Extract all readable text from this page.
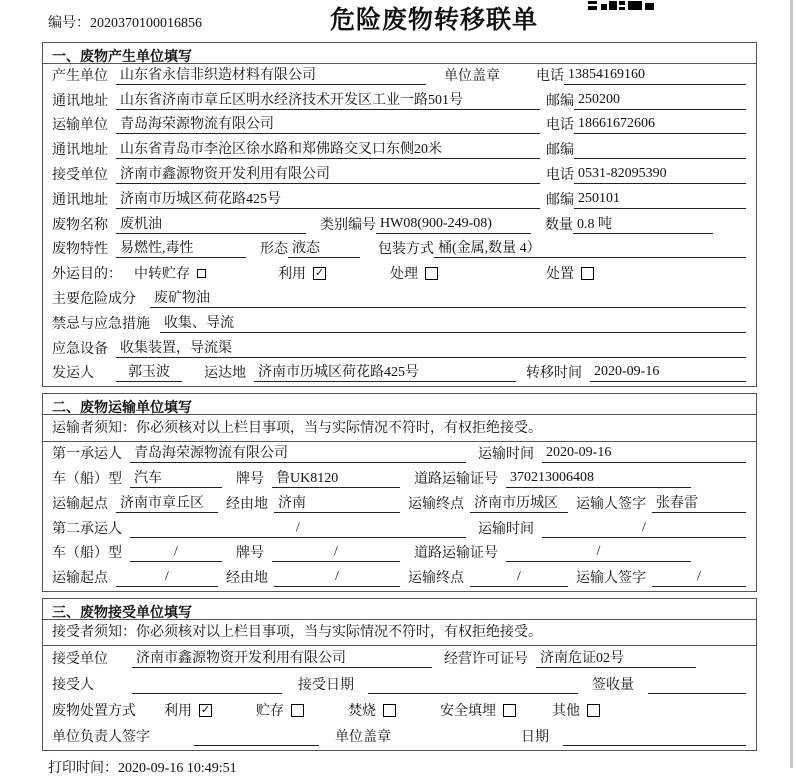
编号：2020370100016856	危险废物转移联单
一、废物产生单位填写
产生单位 山东省永信非织造材料有限公司	单位盖章	电话 13854169160
通讯地址 山东省济南市章丘区明水经济技术开发区工业一路501号	邮编 250200
运输单位 青岛海荣源物流有限公司	电话 18661672606
通讯地址 山东省青岛市李沧区徐水路和郑佛路交叉口东侧20米	邮编
接受单位 济南市鑫源物资开发利用有限公司	电话 0531-82095390
通讯地址 济南市历城区荷花路425号	邮编 250101
废物名称 废机油	类别编号 HW08(900-249-08)	数量 0.8 吨
废物特性 易燃性,毒性	形态 液态	包装方式 桶(金属,数量 4）
外运目的： 中转贮存	利用 ✓	处理	处置
主要危险成分 废矿物油
禁忌与应急措施 收集、导流
应急设备 收集装置，导流渠
发运人	郭玉波	运达地 济南市历城区荷花路425号	转移时间 2020-09-16
二、废物运输单位填写
运输者须知： 你必须核对以上栏目事项，当与实际情况不符时，有权拒绝接受。
第一承运人 青岛海荣源物流有限公司	运输时间 2020-09-16
车（船）型 汽车	牌号 鲁UK8120	道路运输证号 370213006408
运输起点 济南市章丘区	经由地 济南	运输终点 济南市历城区	运输人签字 张春雷
第二承运人	/	运输时间	/
车（船）型	/	牌号	/	道路运输证号	/
运输起点	/	经由地	/	运输终点	/	运输人签字	/
三、废物接受单位填写
接受者须知： 你必须核对以上栏目事项，当与实际情况不符时，有权拒绝接受。
接受单位	济南市鑫源物资开发利用有限公司	经营许可证号 济南危证02号
接受人	接受日期	签收量
废物处置方式 利用 ✓	贮存	焚烧	安全填埋	其他
单位负责人签字	单位盖章	日期
打印时间：2020-09-16 10:49:51
